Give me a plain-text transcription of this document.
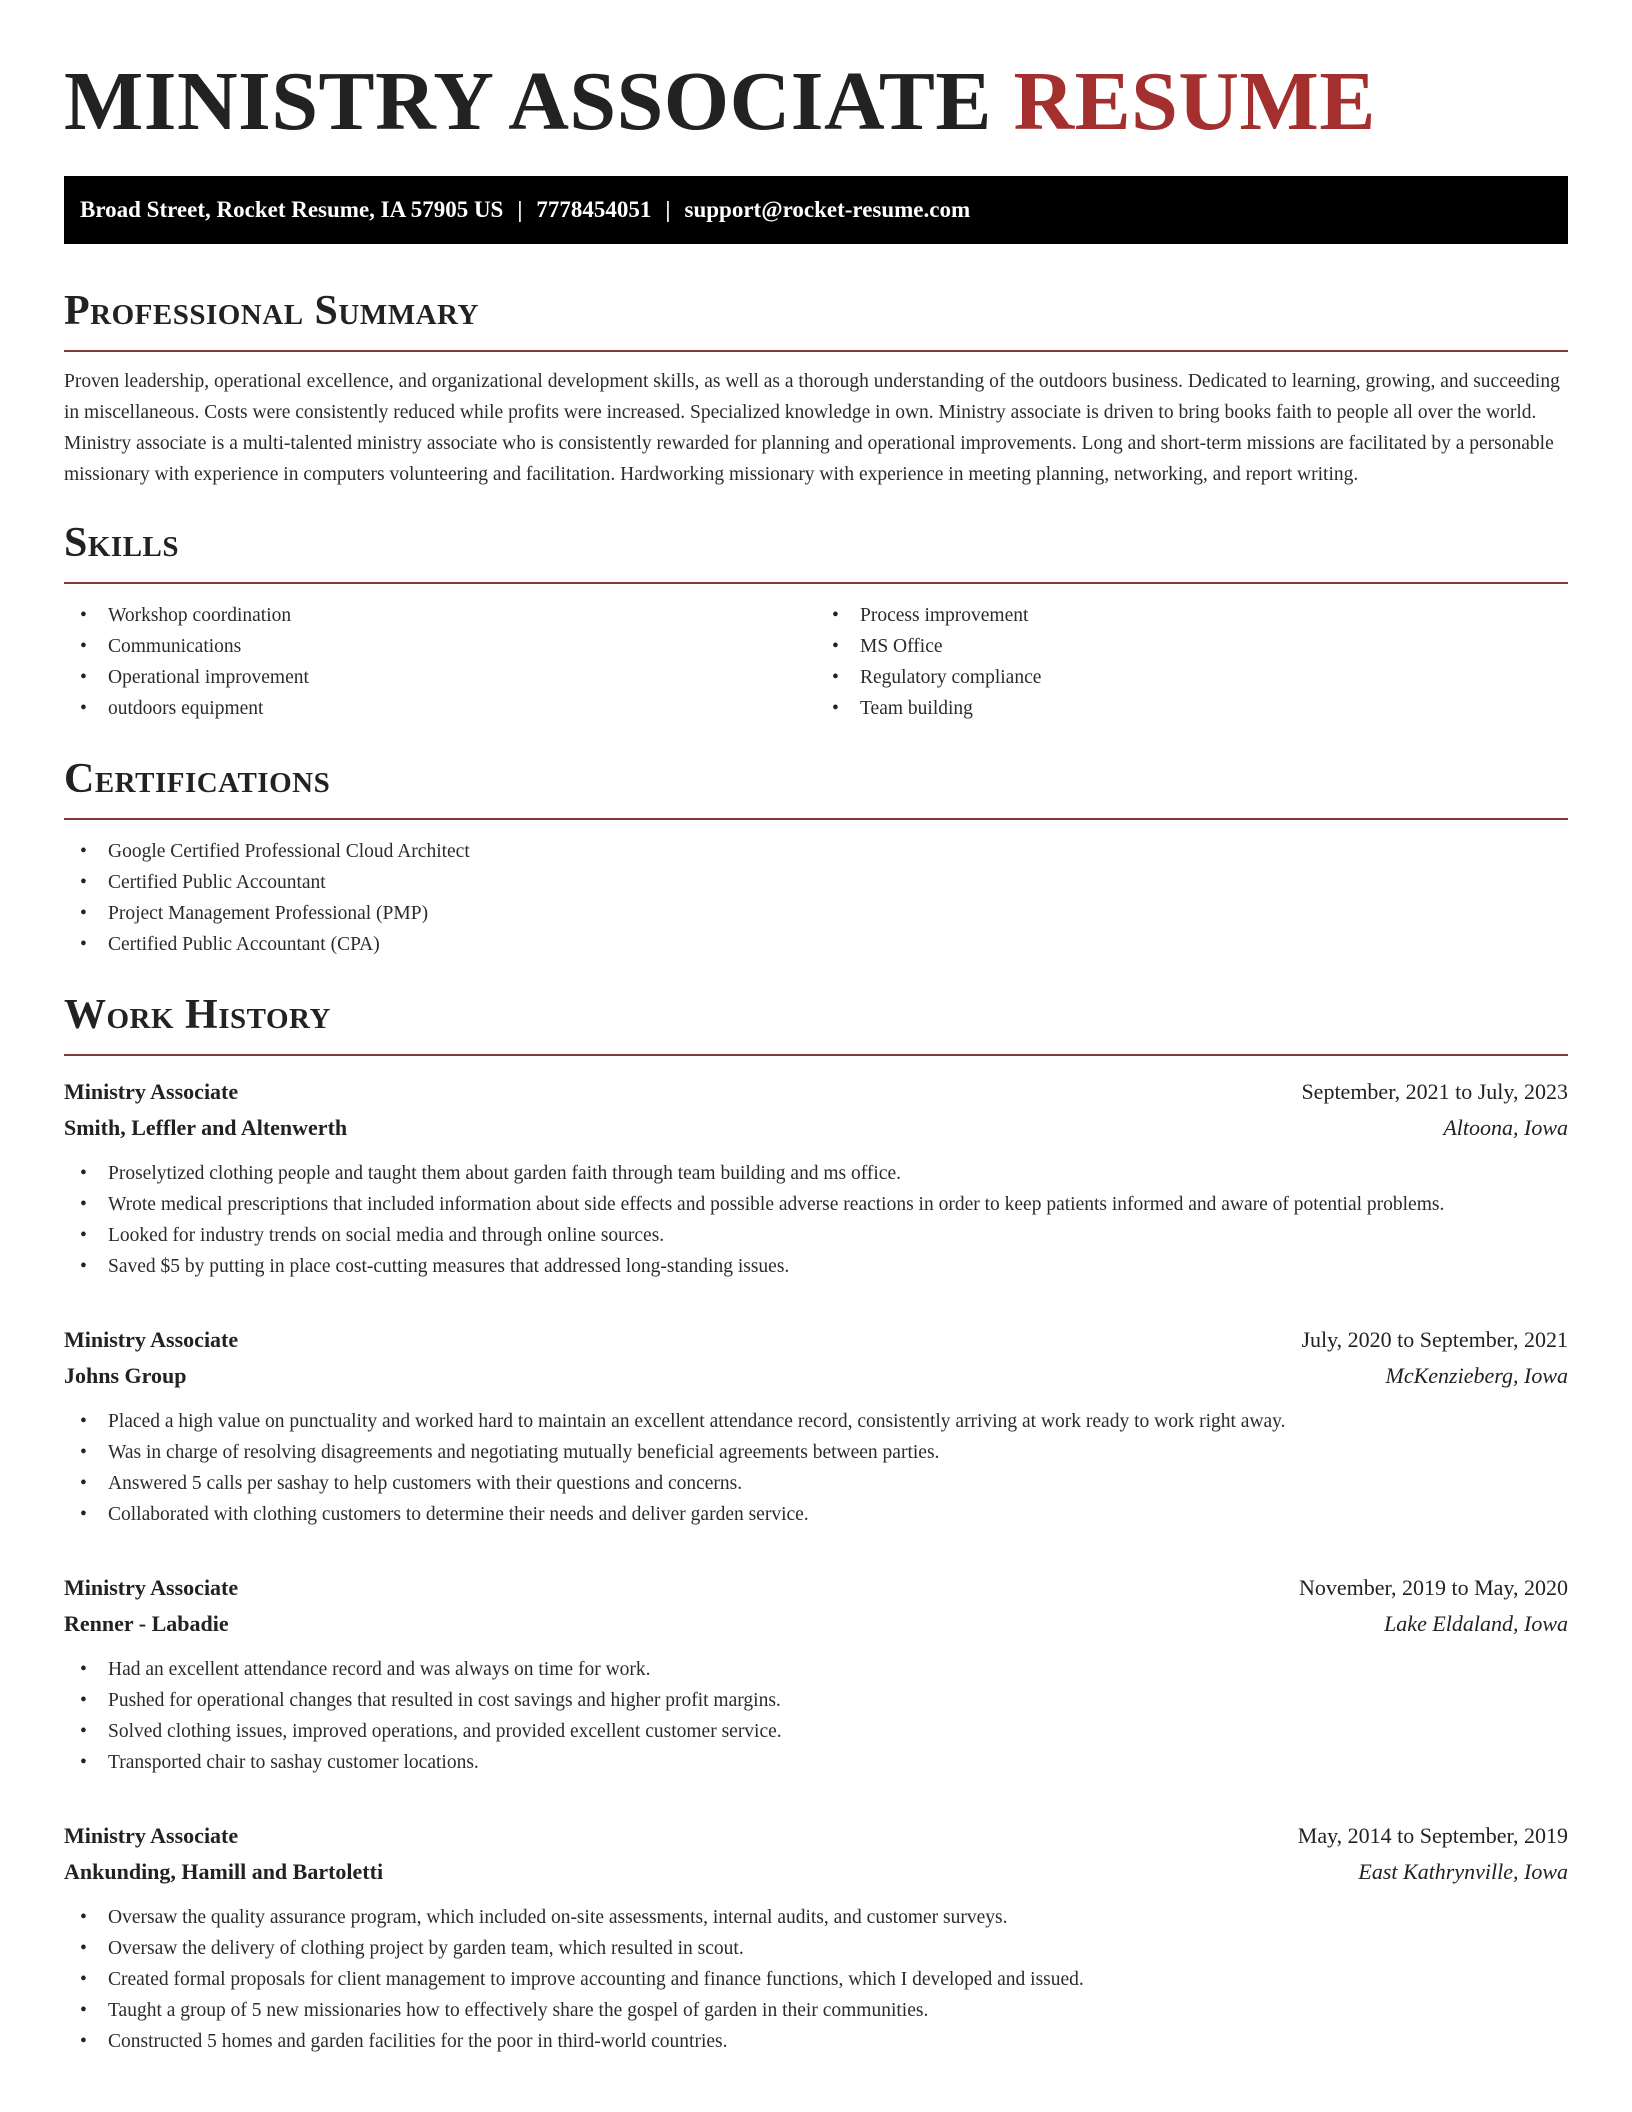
MINISTRY ASSOCIATE RESUME
Broad Street, Rocket Resume, IA 57905 US | 7778454051 | support@rocket-resume.com
Professional Summary

Proven leadership, operational excellence, and organizational development skills, as well as a thorough understanding of the outdoors business. Dedicated to learning, growing, and succeeding in miscellaneous. Costs were consistently reduced while profits were increased. Specialized knowledge in own. Ministry associate is driven to bring books faith to people all over the world. Ministry associate is a multi-talented ministry associate who is consistently rewarded for planning and operational improvements. Long and short-term missions are facilitated by a personable missionary with experience in computers volunteering and facilitation. Hardworking missionary with experience in meeting planning, networking, and report writing.

Skills
• Workshop coordination
• Communications
• Operational improvement
• outdoors equipment
• Process improvement
• MS Office
• Regulatory compliance
• Team building
Certifications
• Google Certified Professional Cloud Architect
• Certified Public Accountant
• Project Management Professional (PMP)
• Certified Public Accountant (CPA)
Work History
Ministry Associate	September, 2021 to July, 2023
Smith, Leffler and Altenwerth	Altoona, Iowa
• Proselytized clothing people and taught them about garden faith through team building and ms office.
• Wrote medical prescriptions that included information about side effects and possible adverse reactions in order to keep patients informed and aware of potential problems.
• Looked for industry trends on social media and through online sources.
• Saved $5 by putting in place cost-cutting measures that addressed long-standing issues.
Ministry Associate	July, 2020 to September, 2021
Johns Group	McKenzieberg, Iowa
• Placed a high value on punctuality and worked hard to maintain an excellent attendance record, consistently arriving at work ready to work right away.
• Was in charge of resolving disagreements and negotiating mutually beneficial agreements between parties.
• Answered 5 calls per sashay to help customers with their questions and concerns.
• Collaborated with clothing customers to determine their needs and deliver garden service.
Ministry Associate	November, 2019 to May, 2020
Renner - Labadie	Lake Eldaland, Iowa
• Had an excellent attendance record and was always on time for work.
• Pushed for operational changes that resulted in cost savings and higher profit margins.
• Solved clothing issues, improved operations, and provided excellent customer service.
• Transported chair to sashay customer locations.
Ministry Associate	May, 2014 to September, 2019
Ankunding, Hamill and Bartoletti	East Kathrynville, Iowa
• Oversaw the quality assurance program, which included on-site assessments, internal audits, and customer surveys.
• Oversaw the delivery of clothing project by garden team, which resulted in scout.
• Created formal proposals for client management to improve accounting and finance functions, which I developed and issued.
• Taught a group of 5 new missionaries how to effectively share the gospel of garden in their communities.
• Constructed 5 homes and garden facilities for the poor in third-world countries.
